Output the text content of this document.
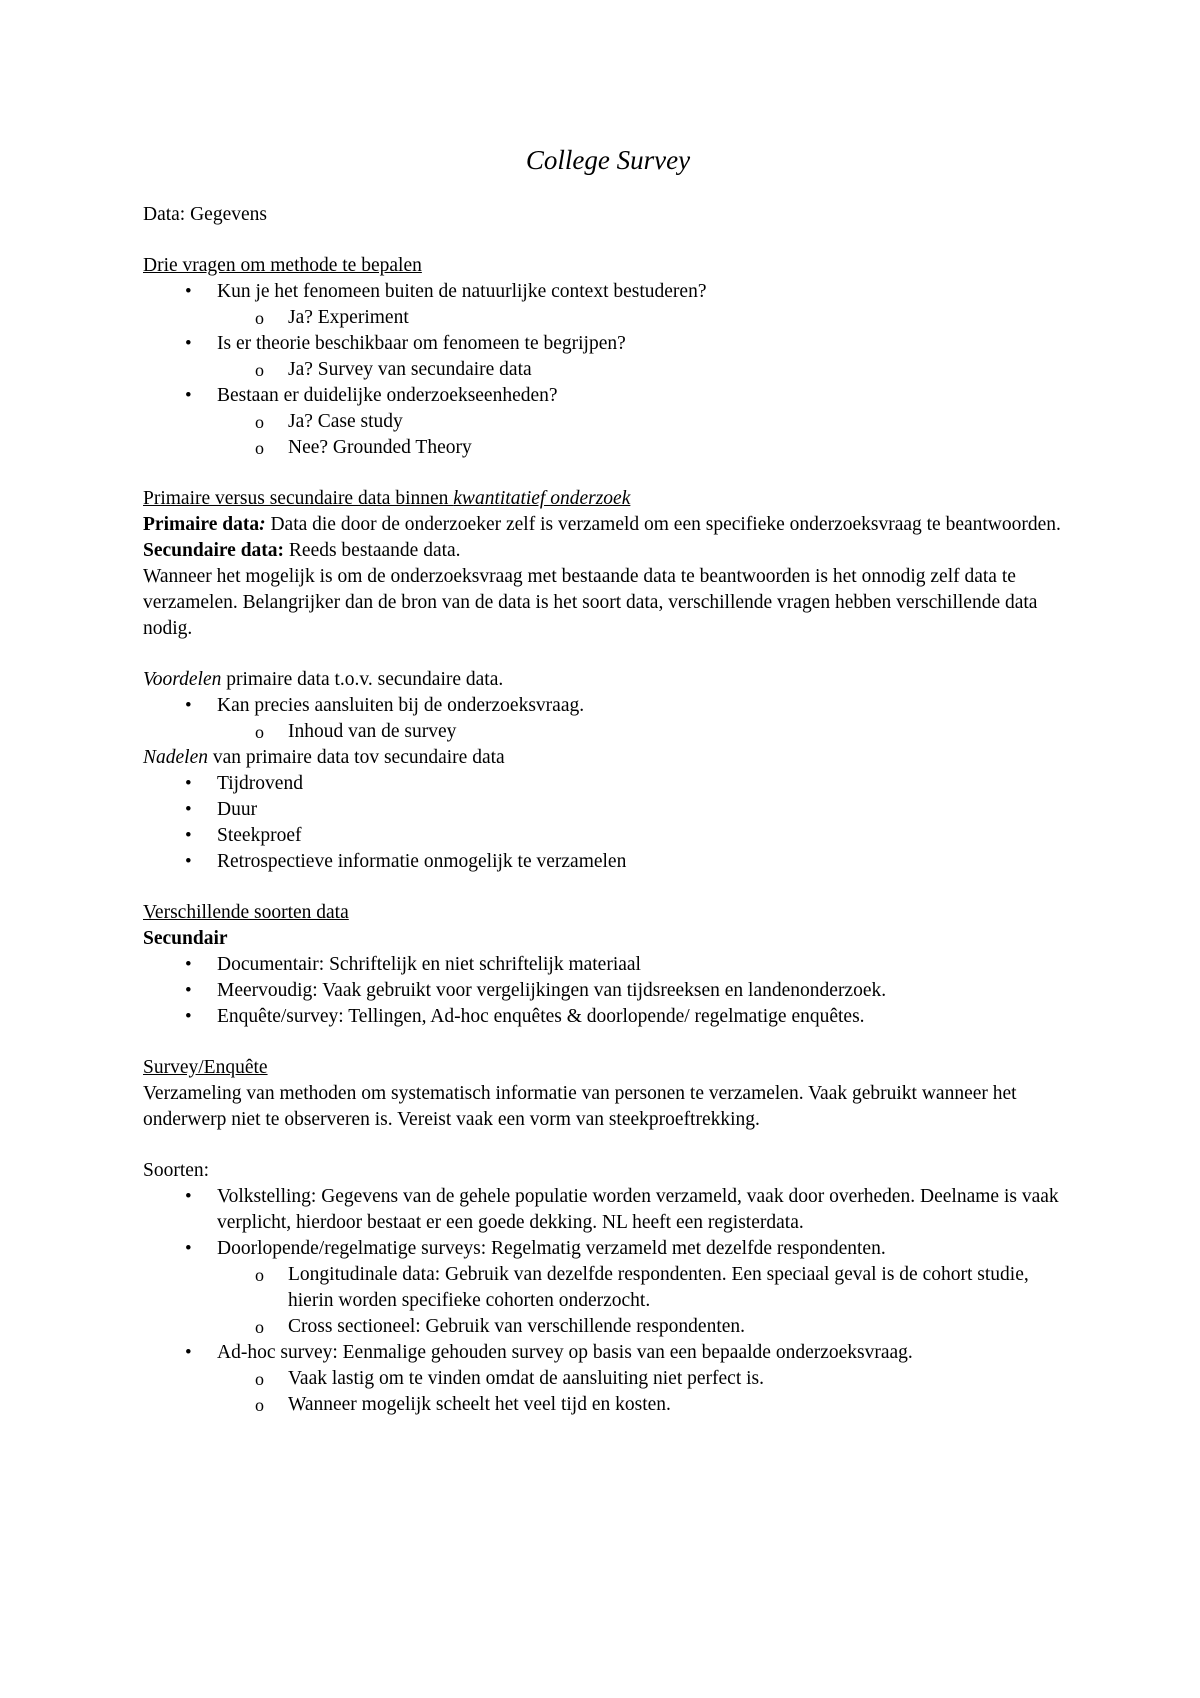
College Survey

Data: Gegevens

Drie vragen om methode te bepalen

• Kun je het fenomeen buiten de natuurlijke context bestuderen?
o Ja? Experiment
• Is er theorie beschikbaar om fenomeen te begrijpen?
o Ja? Survey van secundaire data
• Bestaan er duidelijke onderzoekseenheden?
o Ja? Case study
o Nee? Grounded Theory

Primaire versus secundaire data binnen kwantitatief onderzoek

Primaire data: Data die door de onderzoeker zelf is verzameld om een specifieke onderzoeksvraag te beantwoorden.

Secundaire data: Reeds bestaande data.

Wanneer het mogelijk is om de onderzoeksvraag met bestaande data te beantwoorden is het onnodig zelf data te verzamelen. Belangrijker dan de bron van de data is het soort data, verschillende vragen hebben verschillende data nodig.

Voordelen primaire data t.o.v. secundaire data.

• Kan precies aansluiten bij de onderzoeksvraag.
o Inhoud van de survey

Nadelen van primaire data tov secundaire data

• Tijdrovend
• Duur
• Steekproef
• Retrospectieve informatie onmogelijk te verzamelen

Verschillende soorten data

Secundair

• Documentair: Schriftelijk en niet schriftelijk materiaal
• Meervoudig: Vaak gebruikt voor vergelijkingen van tijdsreeksen en landenonderzoek.
• Enquête/survey: Tellingen, Ad-hoc enquêtes & doorlopende/ regelmatige enquêtes.

Survey/Enquête

Verzameling van methoden om systematisch informatie van personen te verzamelen. Vaak gebruikt wanneer het onderwerp niet te observeren is. Vereist vaak een vorm van steekproeftrekking.

Soorten:

• Volkstelling: Gegevens van de gehele populatie worden verzameld, vaak door overheden. Deelname is vaak verplicht, hierdoor bestaat er een goede dekking. NL heeft een registerdata.
• Doorlopende/regelmatige surveys: Regelmatig verzameld met dezelfde respondenten.
o Longitudinale data: Gebruik van dezelfde respondenten. Een speciaal geval is de cohort studie, hierin worden specifieke cohorten onderzocht.
o Cross sectioneel: Gebruik van verschillende respondenten.
• Ad-hoc survey: Eenmalige gehouden survey op basis van een bepaalde onderzoeksvraag.
o Vaak lastig om te vinden omdat de aansluiting niet perfect is.
o Wanneer mogelijk scheelt het veel tijd en kosten.
